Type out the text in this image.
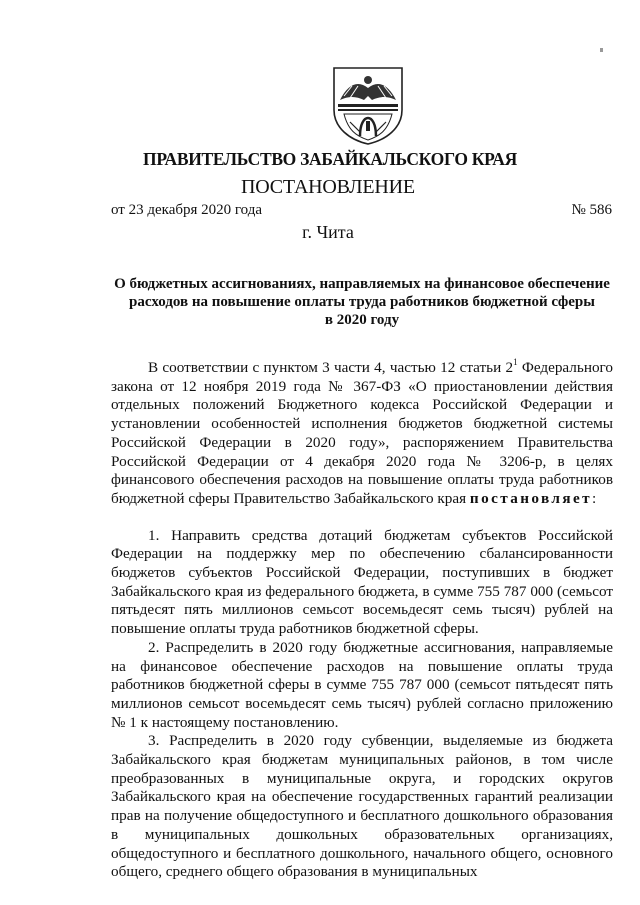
ПРАВИТЕЛЬСТВО ЗАБАЙКАЛЬСКОГО КРАЯ
ПОСТАНОВЛЕНИЕ
от 23 декабря 2020 года	№ 586
г. Чита
О бюджетных ассигнованиях, направляемых на финансовое обеспечение
расходов на повышение оплаты труда работников бюджетной сферы
в 2020 году

В соответствии с пунктом 3 части 4, частью 12 статьи $2^1$ Федерального закона от 12 ноября 2019 года № 367-ФЗ «О приостановлении действия отдельных положений Бюджетного кодекса Российской Федерации и установлении особенностей исполнения бюджетов бюджетной системы Российской Федерации в 2020 году», распоряжением Правительства Российской Федерации от 4 декабря 2020 года № 3206-р, в целях финансового обеспечения расходов на повышение оплаты труда работников бюджетной сферы Правительство Забайкальского края постановляет:

1. Направить средства дотаций бюджетам субъектов Российской Федерации на поддержку мер по обеспечению сбалансированности бюджетов субъектов Российской Федерации, поступивших в бюджет Забайкальского края из федерального бюджета, в сумме 755 787 000 (семьсот пятьдесят пять миллионов семьсот восемьдесят семь тысяч) рублей на повышение оплаты труда работников бюджетной сферы.

2. Распределить в 2020 году бюджетные ассигнования, направляемые на финансовое обеспечение расходов на повышение оплаты труда работников бюджетной сферы в сумме 755 787 000 (семьсот пятьдесят пять миллионов семьсот восемьдесят семь тысяч) рублей согласно приложению № 1 к настоящему постановлению.

3. Распределить в 2020 году субвенции, выделяемые из бюджета Забайкальского края бюджетам муниципальных районов, в том числе преобразованных в муниципальные округа, и городских округов Забайкальского края на обеспечение государственных гарантий реализации прав на получение общедоступного и бесплатного дошкольного образования в муниципальных дошкольных образовательных организациях, общедоступного и бесплатного дошкольного, начального общего, основного общего, среднего общего образования в муниципальных
